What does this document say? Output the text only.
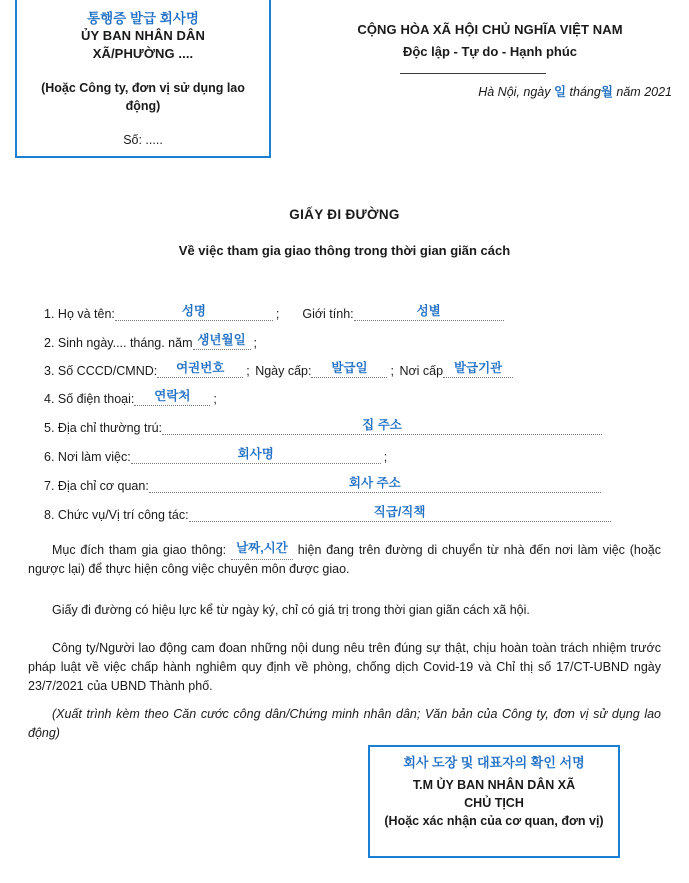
통행증 발급 회사명
ỦY BAN NHÂN DÂN
XÃ/PHƯỜNG ....
(Hoặc Công ty, đơn vị sử dụng lao động)
Số: .....
CỘNG HÒA XÃ HỘI CHỦ NGHĨA VIỆT NAM
Độc lập - Tự do - Hạnh phúc
Hà Nội, ngày 일 tháng월 năm 2021
GIẤY ĐI ĐƯỜNG
Về việc tham gia giao thông trong thời gian giãn cách
1. Họ và tên:	성명	; Giới tính:	성별
2. Sinh ngày.... tháng. năm 생년월일 ;
3. Số CCCD/CMND:	여권번호	; Ngày cấp:	발급일	; Nơi cấp 발급기관
4. Số điện thoại:	연락처	;
5. Địa chỉ thường trú:	집 주소
6. Nơi làm việc:	회사명	;
7. Địa chỉ cơ quan:	회사 주소
8. Chức vụ/Vị trí công tác:	직급/직책
Mục đích tham gia giao thông: 날짜,시간 hiện đang trên đường di chuyển từ nhà đến nơi làm việc (hoặc ngược lại) để thực hiện công việc chuyên môn được giao.
Giấy đi đường có hiệu lực kể từ ngày ký, chỉ có giá trị trong thời gian giãn cách xã hội.
Công ty/Người lao động cam đoan những nội dung nêu trên đúng sự thật, chịu hoàn toàn trách nhiệm trước pháp luật về việc chấp hành nghiêm quy định về phòng, chống dịch Covid-19 và Chỉ thị số 17/CT-UBND ngày 23/7/2021 của UBND Thành phố.
(Xuất trình kèm theo Căn cước công dân/Chứng minh nhân dân; Văn bản của Công ty, đơn vị sử dụng lao động)
회사 도장 및 대표자의 확인 서명
T.M ỦY BAN NHÂN DÂN XÃ
CHỦ TỊCH
(Hoặc xác nhận của cơ quan, đơn vị)
